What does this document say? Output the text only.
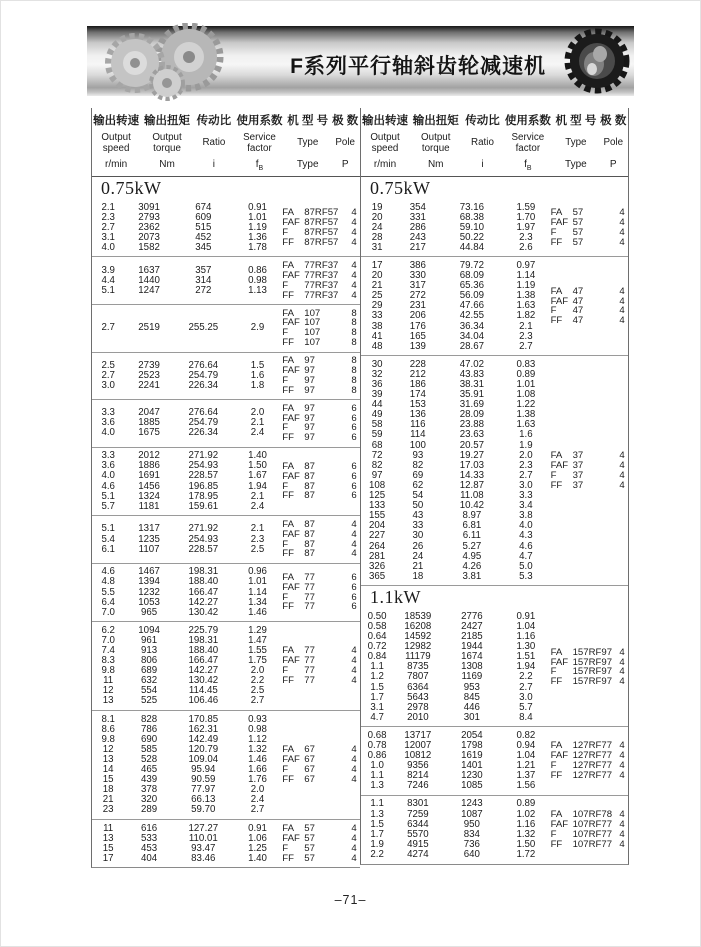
F系列平行轴斜齿轮减速机
输出转速 输出扭矩 传动比 使用系数 机 型 号 极 数
Output speed
Output torque	Ratio	Service factor	Type	Pole
r/min	Nm	i	$f_B$	Type	P
0.75kW
2.1	3091	674	0.91
2.3	2793	609	1.01
2.7	2362	515	1.19
3.1	2073	452	1.36
4.0	1582	345	1.78
FA	87RF57	4
FAF 87RF57	4
F	87RF57	4
FF	87RF57	4
3.9	1637	357	0.86
4.4	1440	314	0.98
5.1	1247	272	1.13
FA	77RF37	4
FAF 77RF37	4
F	77RF37	4
FF	77RF37	4
2.7	2519	255.25	2.9
FA	107	8
FAF 107	8
F	107	8
FF	107	8
2.5	2739	276.64	1.5
2.7	2523	254.79	1.6
3.0	2241	226.34	1.8
FA	97	8
FAF 97	8
F	97	8
FF	97	8
3.3	2047	276.64	2.0
3.6	1885	254.79	2.1
4.0	1675	226.34	2.4
FA	97	6
FAF 97	6
F	97	6
FF	97	6
3.3	2012	271.92	1.40
3.6	1886	254.93	1.50
4.0	1691	228.57	1.67
4.6	1456	196.85	1.94
5.1	1324	178.95	2.1
5.7	1181	159.61	2.4
FA	87	6
FAF 87	6
F	87	6
FF	87	6
5.1	1317	271.92	2.1
5.4	1235	254.93	2.3
6.1	1107	228.57	2.5
FA	87	4
FAF 87	4
F	87	4
FF	87	4
4.6	1467	198.31	0.96
4.8	1394	188.40	1.01
5.5	1232	166.47	1.14
6.4	1053	142.27	1.34
7.0	965	130.42	1.46
FA	77	6
FAF 77	6
F	77	6
FF	77	6
6.2	1094	225.79	1.29
7.0	961	198.31	1.47
7.4	913	188.40	1.55
8.3	806	166.47	1.75
9.8	689	142.27	2.0
11	632	130.42	2.2
12	554	114.45	2.5
13	525	106.46	2.7
FA	77	4
FAF 77	4
F	77	4
FF	77	4
8.1	828	170.85	0.93
8.6	786	162.31	0.98
9.8	690	142.49	1.12
12	585	120.79	1.32
13	528	109.04	1.46
14	465	95.94	1.66
15	439	90.59	1.76
18	378	77.97	2.0
21	320	66.13	2.4
23	289	59.70	2.7
FA	67	4
FAF 67	4
F	67	4
FF	67	4
11	616	127.27	0.91
13	533	110.01	1.06
15	453	93.47	1.25
17	404	83.46	1.40
FA	57	4
FAF 57	4
F	57	4
FF	57	4
输出转速 输出扭矩 传动比 使用系数 机 型 号 极 数
Output speed
Output torque	Ratio	Service factor	Type	Pole
r/min	Nm	i	$f_B$	Type	P
0.75kW
19	354	73.16	1.59
20	331	68.38	1.70
24	286	59.10	1.97
28	243	50.22	2.3
31	217	44.84	2.6
FA	57	4
FAF 57	4
F	57	4
FF	57	4
17	386	79.72	0.97
20	330	68.09	1.14
21	317	65.36	1.19
25	272	56.09	1.38
29	231	47.66	1.63
33	206	42.55	1.82
38	176	36.34	2.1
41	165	34.04	2.3
48	139	28.67	2.7
FA	47	4
FAF 47	4
F	47	4
FF	47	4
30	228	47.02	0.83
32	212	43.83	0.89
36	186	38.31	1.01
39	174	35.91	1.08
44	153	31.69	1.22
49	136	28.09	1.38
58	116	23.88	1.63
59	114	23.63	1.6
68	100	20.57	1.9
72	93	19.27	2.0
82	82	17.03	2.3
97	69	14.33	2.7
108	62	12.87	3.0
125	54	11.08	3.3
133	50	10.42	3.4
155	43	8.97	3.8
204	33	6.81	4.0
227	30	6.11	4.3
264	26	5.27	4.6
281	24	4.95	4.7
326	21	4.26	5.0
365	18	3.81	5.3
FA	37	4
FAF 37	4
F	37	4
FF	37	4
1.1kW
0.50	18539	2776	0.91
0.58	16208	2427	1.04
0.64	14592	2185	1.16
0.72	12982	1944	1.30
0.84	11179	1674	1.51
1.1	8735	1308	1.94
1.2	7807	1169	2.2
1.5	6364	953	2.7
1.7	5643	845	3.0
3.1	2978	446	5.7
4.7	2010	301	8.4
FA	157RF97 4
FAF 157RF97 4
F	157RF97 4
FF	157RF97 4
0.68	13717	2054	0.82
0.78	12007	1798	0.94
0.86	10812	1619	1.04
1.0	9356	1401	1.21
1.1	8214	1230	1.37
1.3	7246	1085	1.56
FA	127RF77 4
FAF 127RF77 4
F	127RF77 4
FF	127RF77 4
1.1	8301	1243	0.89
1.3	7259	1087	1.02
1.5	6344	950	1.16
1.7	5570	834	1.32
1.9	4915	736	1.50
2.2	4274	640	1.72
FA	107RF78 4
FAF 107RF77 4
F	107RF77 4
FF	107RF77 4
–71–
